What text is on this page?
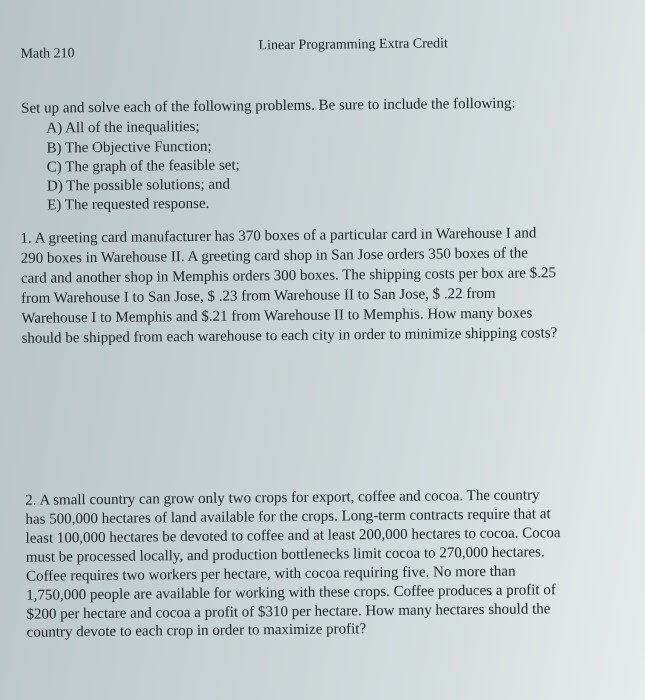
Math 210
Linear Programming Extra Credit
Set up and solve each of the following problems. Be sure to include the following:
A) All of the inequalities;
B) The Objective Function;
C) The graph of the feasible set;
D) The possible solutions; and
E) The requested response.
1. A greeting card manufacturer has 370 boxes of a particular card in Warehouse I and
290 boxes in Warehouse II. A greeting card shop in San Jose orders 350 boxes of the
card and another shop in Memphis orders 300 boxes. The shipping costs per box are $.25
from Warehouse I to San Jose, $ .23 from Warehouse II to San Jose, $ .22 from
Warehouse I to Memphis and $.21 from Warehouse II to Memphis. How many boxes
should be shipped from each warehouse to each city in order to minimize shipping costs?
2. A small country can grow only two crops for export, coffee and cocoa. The country
has 500,000 hectares of land available for the crops. Long-term contracts require that at
least 100,000 hectares be devoted to coffee and at least 200,000 hectares to cocoa. Cocoa
must be processed locally, and production bottlenecks limit cocoa to 270,000 hectares.
Coffee requires two workers per hectare, with cocoa requiring five. No more than
1,750,000 people are available for working with these crops. Coffee produces a profit of
$200 per hectare and cocoa a profit of $310 per hectare. How many hectares should the
country devote to each crop in order to maximize profit?
